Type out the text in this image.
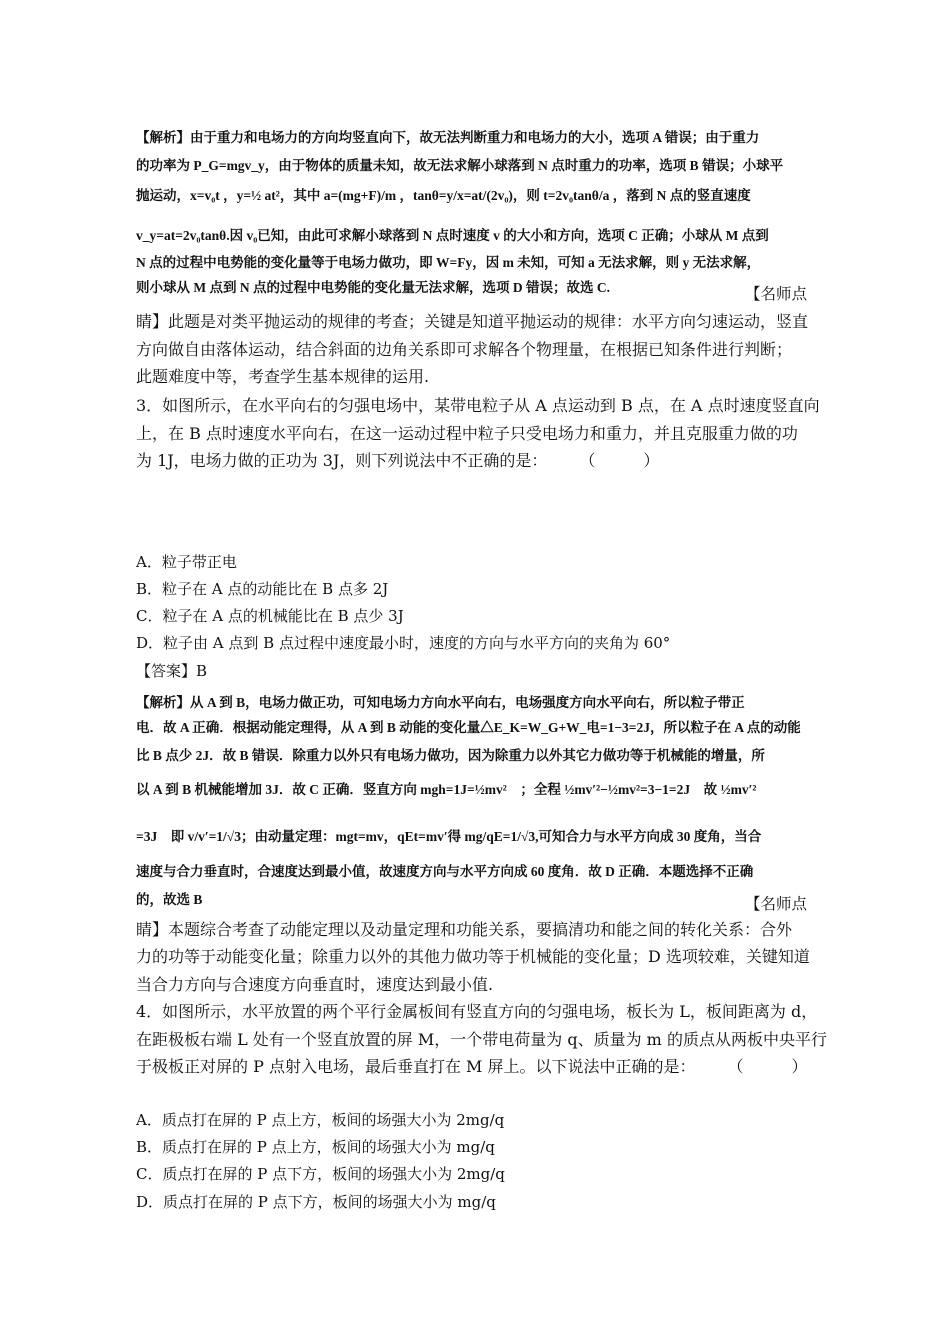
【解析】由于重力和电场力的方向均竖直向下，故无法判断重力和电场力的大小，选项 A 错误；由于重力
的功率为 P_G=mgv_y，由于物体的质量未知，故无法求解小球落到 N 点时重力的功率，选项 B 错误；小球平
抛运动，x=v₀t ，y=½ at²，其中 a=(mg+F)/m ，tanθ=y/x=at/(2v₀)，则 t=2v₀tanθ/a ，落到 N 点的竖直速度
v_y=at=2v₀tanθ.因 v₀已知，由此可求解小球落到 N 点时速度 v 的大小和方向，选项 C 正确；小球从 M 点到
N 点的过程中电势能的变化量等于电场力做功，即 W=Fy，因 m 未知，可知 a 无法求解，则 y 无法求解，
则小球从 M 点到 N 点的过程中电势能的变化量无法求解，选项 D 错误；故选 C.	【名师点
睛】此题是对类平抛运动的规律的考查；关键是知道平抛运动的规律：水平方向匀速运动，竖直
方向做自由落体运动，结合斜面的边角关系即可求解各个物理量，在根据已知条件进行判断；
此题难度中等，考查学生基本规律的运用.
3．如图所示，在水平向右的匀强电场中，某带电粒子从 A 点运动到 B 点，在 A 点时速度竖直向
上，在 B 点时速度水平向右，在这一运动过程中粒子只受电场力和重力，并且克服重力做的功
为 1J，电场力做的正功为 3J，则下列说法中不正确的是：　　　（　　　）
A．粒子带正电
B．粒子在 A 点的动能比在 B 点多 2J
C．粒子在 A 点的机械能比在 B 点少 3J
D．粒子由 A 点到 B 点过程中速度最小时，速度的方向与水平方向的夹角为 60°
【答案】B
【解析】从 A 到 B，电场力做正功，可知电场力方向水平向右，电场强度方向水平向右，所以粒子带正
电．故 A 正确．根据动能定理得，从 A 到 B 动能的变化量△E_K=W_G+W_电=1−3=2J，所以粒子在 A 点的动能
比 B 点少 2J．故 B 错误．除重力以外只有电场力做功，因为除重力以外其它力做功等于机械能的增量，所
以 A 到 B 机械能增加 3J．故 C 正确．竖直方向 mgh=1J=½mv²　；全程 ½mv′²−½mv²=3−1=2J　故 ½mv′²
=3J　即 v/v′=1/√3；由动量定理：mgt=mv，qEt=mv′得 mg/qE=1/√3,可知合力与水平方向成 30 度角，当合
速度与合力垂直时，合速度达到最小值，故速度方向与水平方向成 60 度角．故 D 正确．本题选择不正确
的，故选 B	【名师点
睛】本题综合考查了动能定理以及动量定理和功能关系，要搞清功和能之间的转化关系：合外
力的功等于动能变化量；除重力以外的其他力做功等于机械能的变化量；D 选项较难，关键知道
当合力方向与合速度方向垂直时，速度达到最小值.
4．如图所示，水平放置的两个平行金属板间有竖直方向的匀强电场，板长为 L，板间距离为 d，
在距极板右端 L 处有一个竖直放置的屏 M，一个带电荷量为 q、质量为 m 的质点从两板中央平行
于极板正对屏的 P 点射入电场，最后垂直打在 M 屏上。以下说法中正确的是：　　　（　　　）
A．质点打在屏的 P 点上方，板间的场强大小为 2mg/q
B．质点打在屏的 P 点上方，板间的场强大小为 mg/q
C．质点打在屏的 P 点下方，板间的场强大小为 2mg/q
D．质点打在屏的 P 点下方，板间的场强大小为 mg/q
